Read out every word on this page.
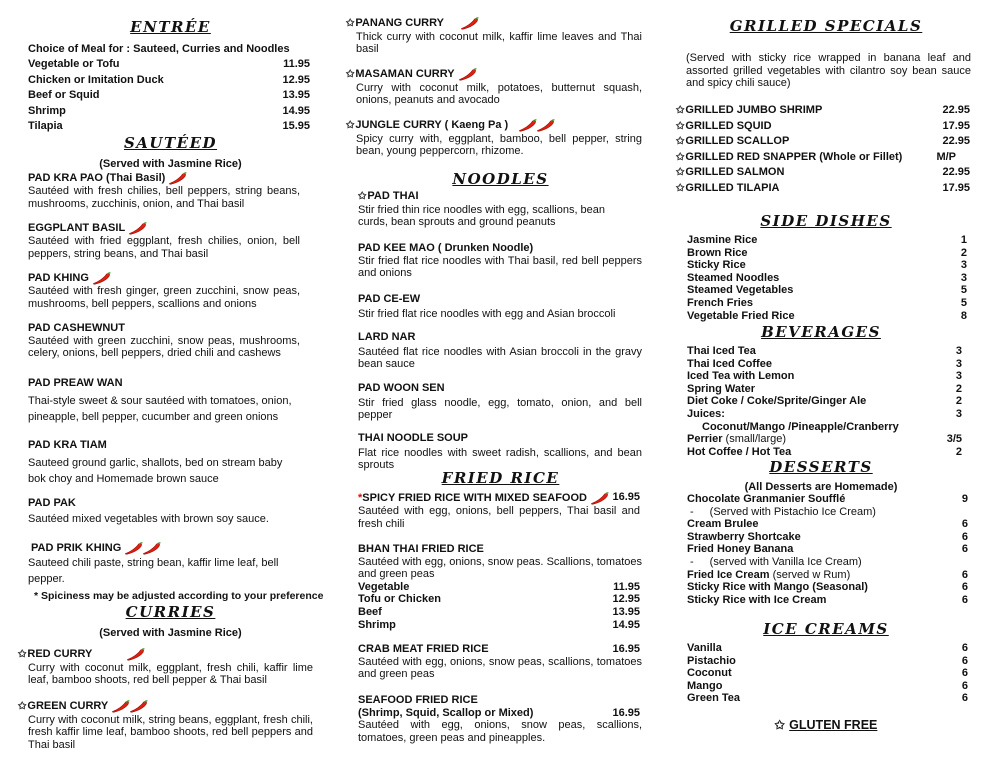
ENTRÉE
Choice of Meal for : Sauteed, Curries and Noodles
Vegetable or Tofu	11.95
Chicken or Imitation Duck	12.95
Beef or Squid	13.95
Shrimp	14.95
Tilapia	15.95
SAUTÉED
(Served with Jasmine Rice)
PAD KRA PAO (Thai Basil)
Sautéed with fresh chilies, bell peppers, string beans, mushrooms, zucchinis, onion, and Thai basil
EGGPLANT BASIL
Sautéed with fried eggplant, fresh chilies, onion, bell peppers, string beans, and Thai basil
PAD KHING
Sautéed with fresh ginger, green zucchini, snow peas, mushrooms, bell peppers, scallions and onions
PAD CASHEWNUT
Sautéed with green zucchini, snow peas, mushrooms, celery, onions, bell peppers, dried chili and cashews
PAD PREAW WAN
Thai-style sweet & sour sautéed with tomatoes, onion, pineapple, bell pepper, cucumber and green onions
PAD KRA TIAM
Sauteed ground garlic, shallots, bed on stream baby bok choy and Homemade brown sauce
PAD PAK
Sautéed mixed vegetables with brown soy sauce.
PAD PRIK KHING
Sauteed chili paste, string bean, kaffir lime leaf, bell pepper.
* Spiciness may be adjusted according to your preference
CURRIES
(Served with Jasmine Rice)
✩RED CURRY
Curry with coconut milk, eggplant, fresh chili, kaffir lime leaf, bamboo shoots, red bell pepper & Thai basil
✩GREEN CURRY
Curry with coconut milk, string beans, eggplant, fresh chili, fresh kaffir lime leaf, bamboo shoots, red bell peppers and Thai basil
✩PANANG CURRY
Thick curry with coconut milk, kaffir lime leaves and Thai basil
✩MASAMAN CURRY
Curry with coconut milk, potatoes, butternut squash, onions, peanuts and avocado
✩JUNGLE CURRY ( Kaeng Pa )
Spicy curry with, eggplant, bamboo, bell pepper, string bean, young peppercorn, rhizome.
NOODLES
✩PAD THAI
Stir fried thin rice noodles with egg, scallions, bean curds, bean sprouts and ground peanuts
PAD KEE MAO ( Drunken Noodle)
Stir fried flat rice noodles with Thai basil, red bell peppers and onions
PAD CE-EW
Stir fried flat rice noodles with egg and Asian broccoli
LARD NAR
Sautéed flat rice noodles with Asian broccoli in the gravy bean sauce
PAD WOON SEN
Stir fried glass noodle, egg, tomato, onion, and bell pepper
THAI NOODLE SOUP
Flat rice noodles with sweet radish, scallions, and bean sprouts
FRIED RICE
*SPICY FRIED RICE WITH MIXED SEAFOOD	16.95
Sautéed with egg, onions, bell peppers, Thai basil and fresh chili
BHAN THAI FRIED RICE
Sautéed with egg, onions, snow peas. Scallions, tomatoes and green peas
Vegetable	11.95
Tofu or Chicken	12.95
Beef	13.95
Shrimp	14.95
CRAB MEAT FRIED RICE	16.95
Sautéed with egg, onions, snow peas, scallions, tomatoes and green peas
SEAFOOD FRIED RICE
(Shrimp, Squid, Scallop or Mixed)	16.95
Sautéed with egg, onions, snow peas, scallions, tomatoes, green peas and pineapples.
GRILLED SPECIALS
(Served with sticky rice wrapped in banana leaf and assorted grilled vegetables with cilantro soy bean sauce and spicy chili sauce)
✩GRILLED JUMBO SHRIMP	22.95
✩GRILLED SQUID	17.95
✩GRILLED SCALLOP	22.95
✩GRILLED RED SNAPPER (Whole or Fillet)	M/P
✩GRILLED SALMON	22.95
✩GRILLED TILAPIA	17.95
SIDE DISHES
Jasmine Rice	1
Brown Rice	2
Sticky Rice	3
Steamed Noodles	3
Steamed Vegetables	5
French Fries	5
Vegetable Fried Rice	8
BEVERAGES
Thai Iced Tea	3
Thai Iced Coffee	3
Iced Tea with Lemon	3
Spring Water	2
Diet Coke / Coke/Sprite/Ginger Ale	2
Juices:	3
Coconut/Mango /Pineapple/Cranberry
Perrier (small/large)	3/5
Hot Coffee / Hot Tea	2
DESSERTS
(All Desserts are Homemade)
Chocolate Granmanier Soufflé	9
- (Served with Pistachio Ice Cream)
Cream Brulee	6
Strawberry Shortcake	6
Fried Honey Banana	6
- (served with Vanilla Ice Cream)
Fried Ice Cream (served w Rum)	6
Sticky Rice with Mango (Seasonal)	6
Sticky Rice with Ice Cream	6
ICE CREAMS
Vanilla	6
Pistachio	6
Coconut	6
Mango	6
Green Tea	6
✩ GLUTEN FREE
